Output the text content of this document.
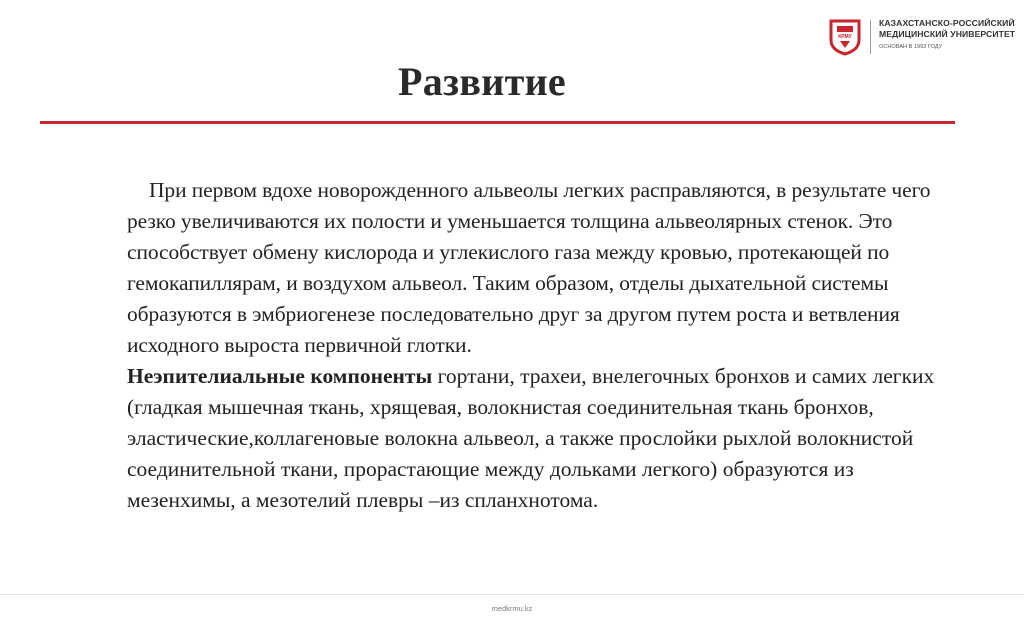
КРМУ
КАЗАХСТАНСКО-РОССИЙСКИЙ
МЕДИЦИНСКИЙ УНИВЕРСИТЕТ
ОСНОВАН В 1992 ГОДУ
Развитие

При первом вдохе новорожденного альвеолы легких расправляются, в результате чего резко увеличиваются их полости и уменьшается толщина альвеолярных стенок. Это способствует обмену кислорода и углекислого газа между кровью, протекающей по гемокапиллярам, и воздухом альвеол. Таким образом, отделы дыхательной системы образуются в эмбриогенезе последовательно друг за другом путем роста и ветвления исходного выроста первичной глотки.

Неэпителиальные компоненты гортани, трахеи, внелегочных бронхов и самих легких (гладкая мышечная ткань, хрящевая, волокнистая соединительная ткань бронхов, эластические,коллагеновые волокна альвеол, а также прослойки рыхлой волокнистой соединительной ткани, прорастающие между дольками легкого) образуются из мезенхимы, а мезотелий плевры –из спланхнотома.

medkrmu.kz
